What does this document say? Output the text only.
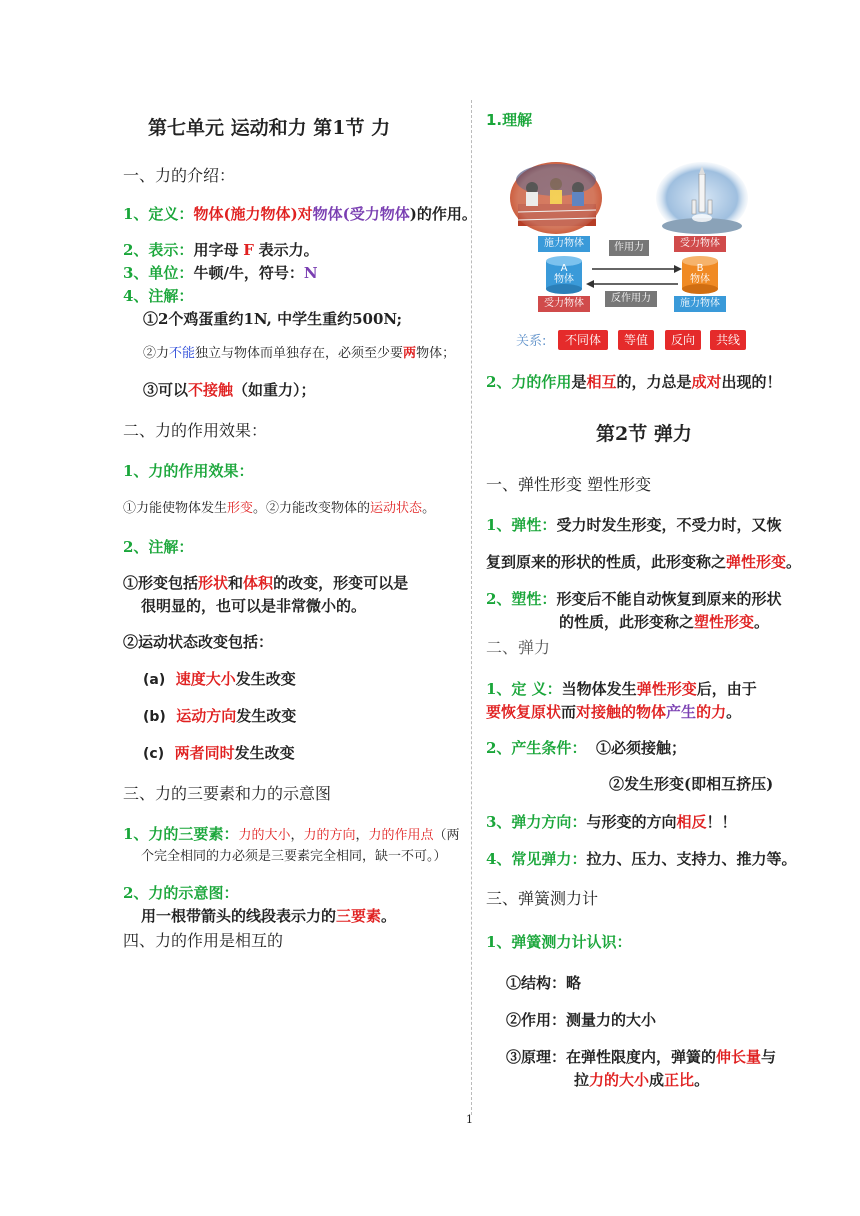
第七单元 运动和力 第1节 力
一、力的介绍：
1、定义：物体(施力物体)对物体(受力物体)的作用。
2、表示：用字母 F 表示力。
3、单位：牛顿/牛，符号：N
4、注解：
①2个鸡蛋重约1N, 中学生重约500N;
②力不能独立与物体而单独存在，必须至少要两物体；
③可以不接触（如重力）；
二、力的作用效果：
1、力的作用效果：
①力能使物体发生形变。②力能改变物体的运动状态。
2、注解：
①形变包括形状和体积的改变，形变可以是
很明显的，也可以是非常微小的。
②运动状态改变包括：
(a) 速度大小发生改变
(b) 运动方向发生改变
(c) 两者同时发生改变
三、力的三要素和力的示意图
1、力的三要素：力的大小，力的方向，力的作用点（两
个完全相同的力必须是三要素完全相同，缺一不可。）
2、力的示意图：
用一根带箭头的线段表示力的三要素。
四、力的作用是相互的
1.理解
施力物体	作用力	受力物体
A
物体
B
物体
受力物体	反作用力	施力物体
关系:	不同体	等值	反向	共线
2、力的作用是相互的，力总是成对出现的！
第2节 弹力
一、弹性形变 塑性形变
1、弹性：受力时发生形变，不受力时，又恢
复到原来的形状的性质，此形变称之弹性形变。
2、塑性：形变后不能自动恢复到原来的形状
的性质，此形变称之塑性形变。
二、弹力
1、定 义：当物体发生弹性形变后，由于
要恢复原状而对接触的物体产生的力。
2、产生条件： ①必须接触；
②发生形变(即相互挤压)
3、弹力方向：与形变的方向相反！！
4、常见弹力：拉力、压力、支持力、推力等。
三、弹簧测力计
1、弹簧测力计认识：
①结构：略
②作用：测量力的大小
③原理：在弹性限度内，弹簧的伸长量与
拉力的大小成正比。
1
